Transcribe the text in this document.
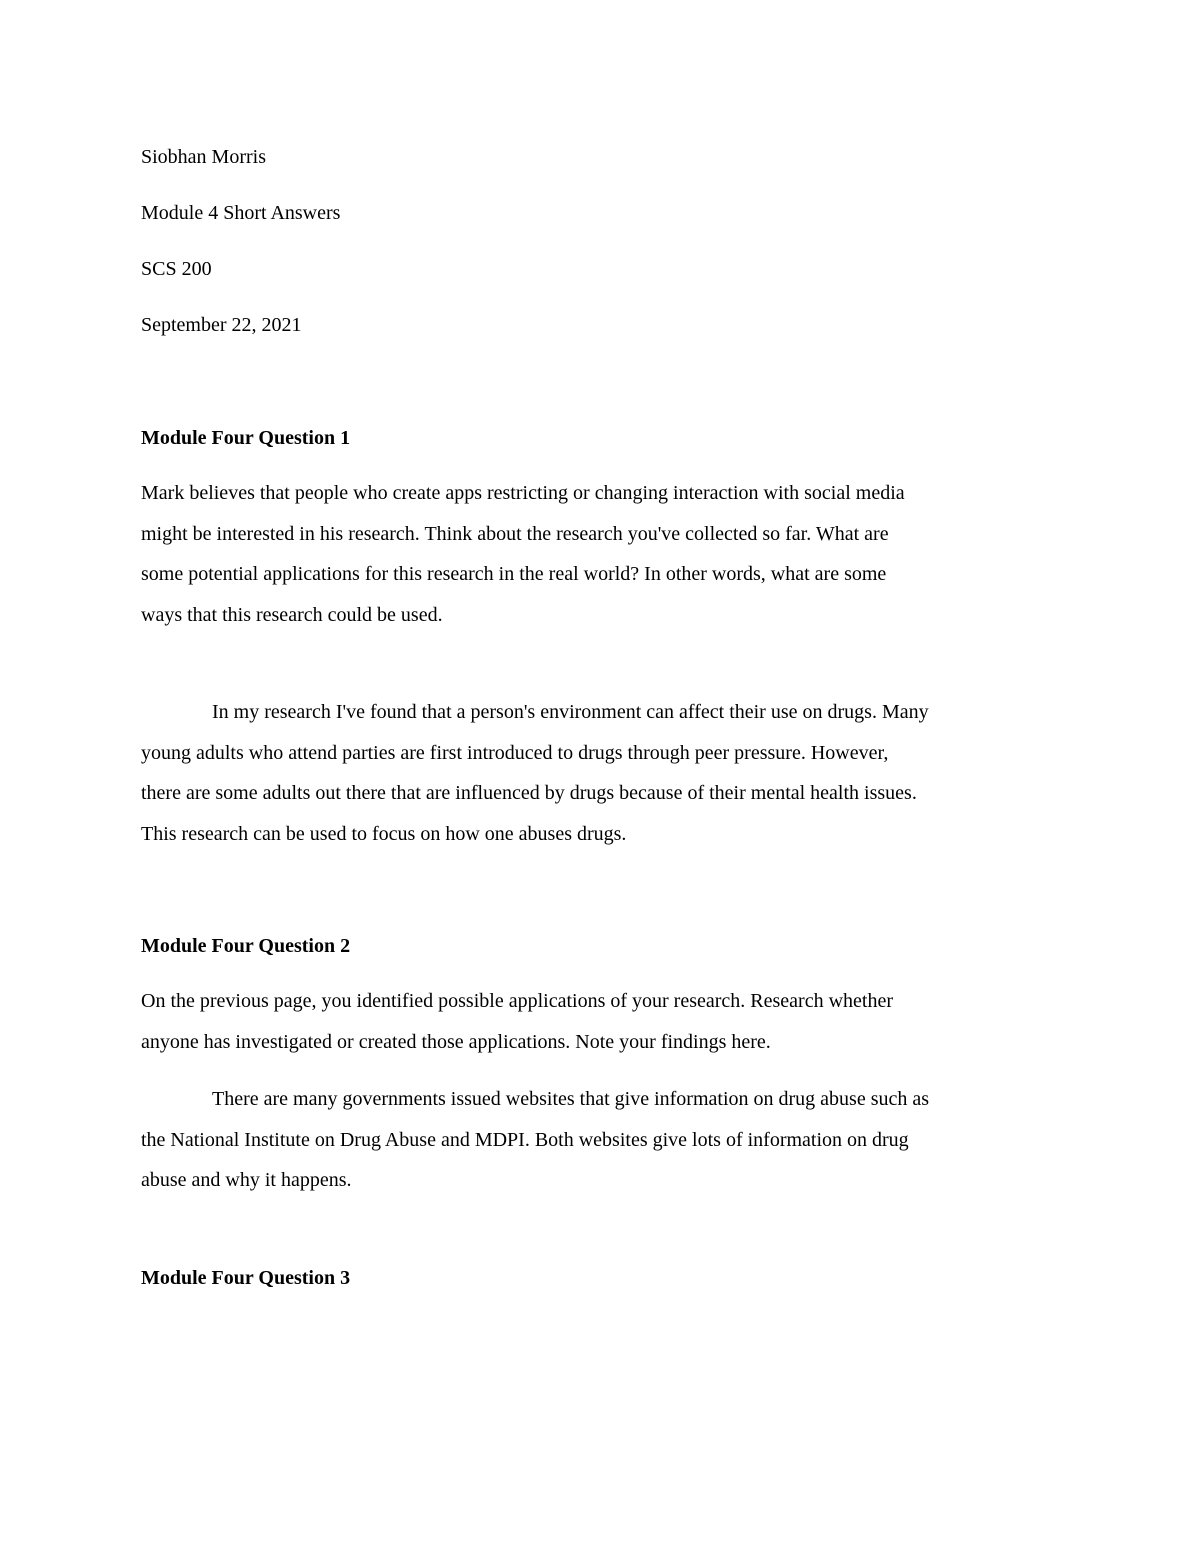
Siobhan Morris
Module 4 Short Answers
SCS 200
September 22, 2021
Module Four Question 1
Mark believes that people who create apps restricting or changing interaction with social media
might be interested in his research. Think about the research you've collected so far. What are
some potential applications for this research in the real world? In other words, what are some
ways that this research could be used.
In my research I've found that a person's environment can affect their use on drugs. Many
young adults who attend parties are first introduced to drugs through peer pressure. However,
there are some adults out there that are influenced by drugs because of their mental health issues.
This research can be used to focus on how one abuses drugs.
Module Four Question 2
On the previous page, you identified possible applications of your research. Research whether
anyone has investigated or created those applications. Note your findings here.
There are many governments issued websites that give information on drug abuse such as
the National Institute on Drug Abuse and MDPI. Both websites give lots of information on drug
abuse and why it happens.
Module Four Question 3
